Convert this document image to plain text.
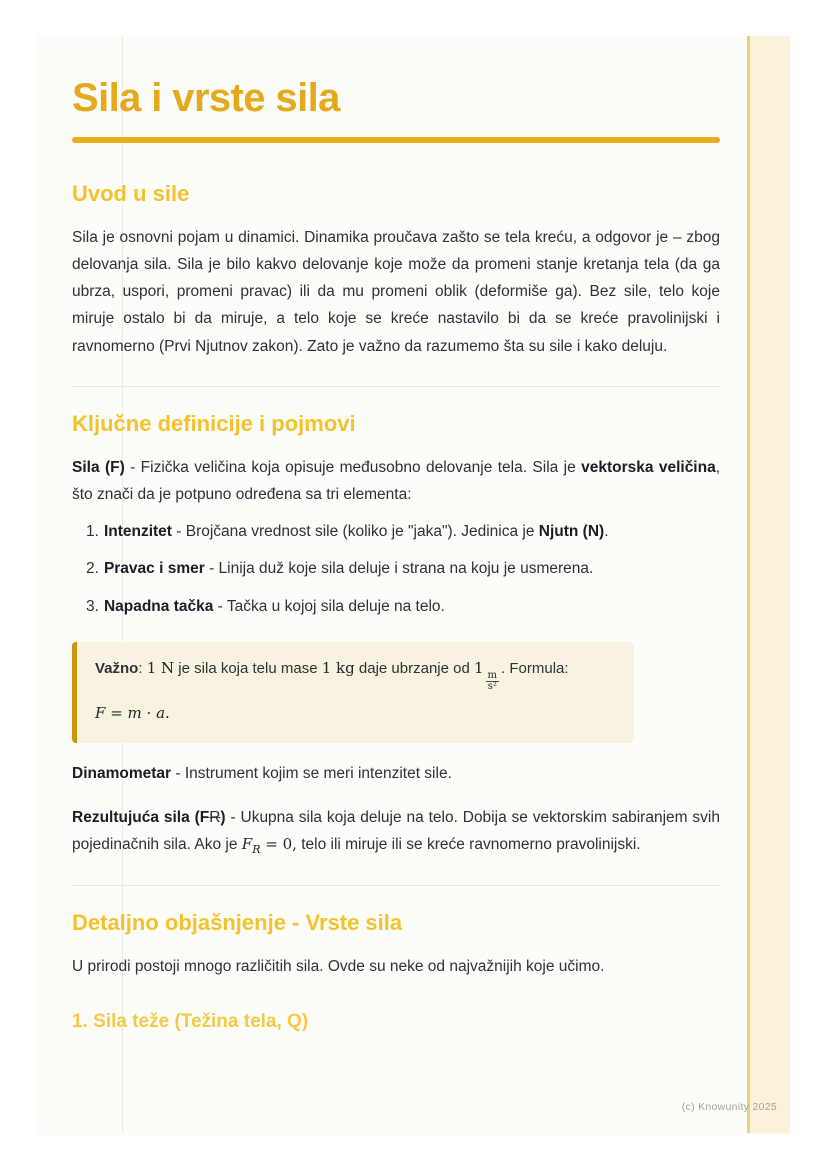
Sila i vrste sila
Uvod u sile

Sila je osnovni pojam u dinamici. Dinamika proučava zašto se tela kreću, a odgovor je – zbog delovanja sila. Sila je bilo kakvo delovanje koje može da promeni stanje kretanja tela (da ga ubrza, uspori, promeni pravac) ili da mu promeni oblik (deformiše ga). Bez sile, telo koje miruje ostalo bi da miruje, a telo koje se kreće nastavilo bi da se kreće pravolinijski i ravnomerno (Prvi Njutnov zakon). Zato je važno da razumemo šta su sile i kako deluju.

Ključne definicije i pojmovi

Sila (F) - Fizička veličina koja opisuje međusobno delovanje tela. Sila je vektorska veličina, što znači da je potpuno određena sa tri elementa:

1. Intenzitet - Brojčana vrednost sile (koliko je "jaka"). Jedinica je Njutn (N).
2. Pravac i smer - Linija duž koje sila deluje i strana na koju je usmerena.
3. Napadna tačka - Tačka u kojoj sila deluje na telo.

Važno: 1 N je sila koja telu mase 1 kg daje ubrzanje od 1
$\frac{m}{\text{s²}}$
. Formula:

F = m · a.

Dinamometar - Instrument kojim se meri intenzitet sile.

Rezultujuća sila (FR) - Ukupna sila koja deluje na telo. Dobija se vektorskim sabiranjem svih pojedinačnih sila. Ako je $F_R = 0$, telo ili miruje ili se kreće ravnomerno pravolinijski.

Detaljno objašnjenje - Vrste sila

U prirodi postoji mnogo različitih sila. Ovde su neke od najvažnijih koje učimo.

1. Sila teže (Težina tela, Q)
(c) Knowunity 2025
